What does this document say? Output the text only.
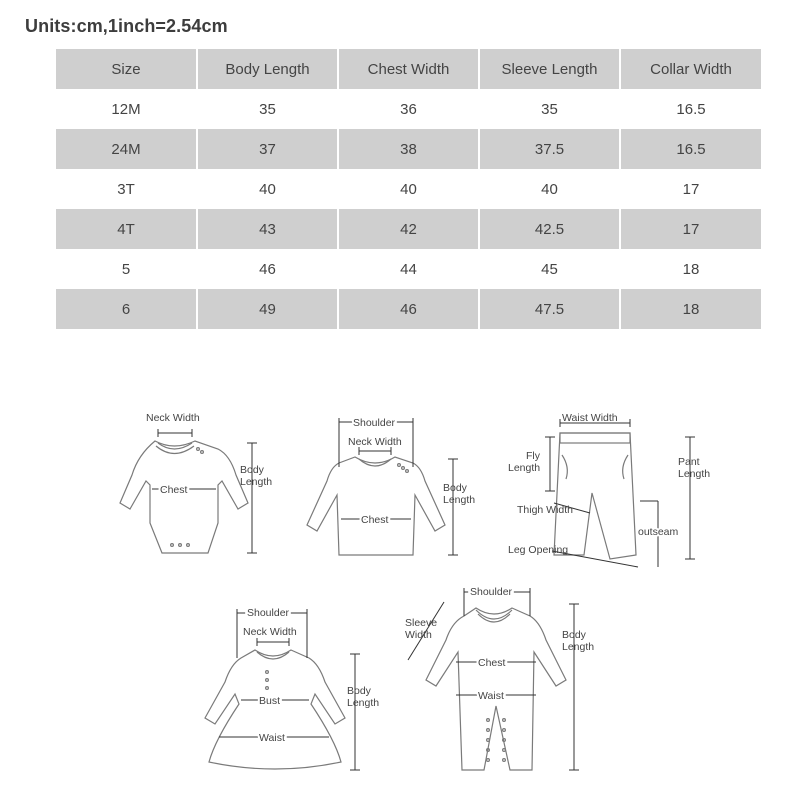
Units:cm,1inch=2.54cm
Size	Body Length	Chest Width	Sleeve Length	Collar Width
12M	35	36	35	16.5
24M	37	38	37.5	16.5
3T	40	40	40	17
4T	43	42	42.5	17
5	46	44	45	18
6	49	46	47.5	18
Neck Width
Body
Length
Chest
Shoulder
Neck Width
Chest
Body
Length
Waist Width
Fly
Length	Pant
Length
Thigh Width
outseam
Leg Opening
Shoulder
Neck Width
Bust
Waist
Body
Length
Shoulder
Sleeve
Width
Chest
Waist
Body
Length
